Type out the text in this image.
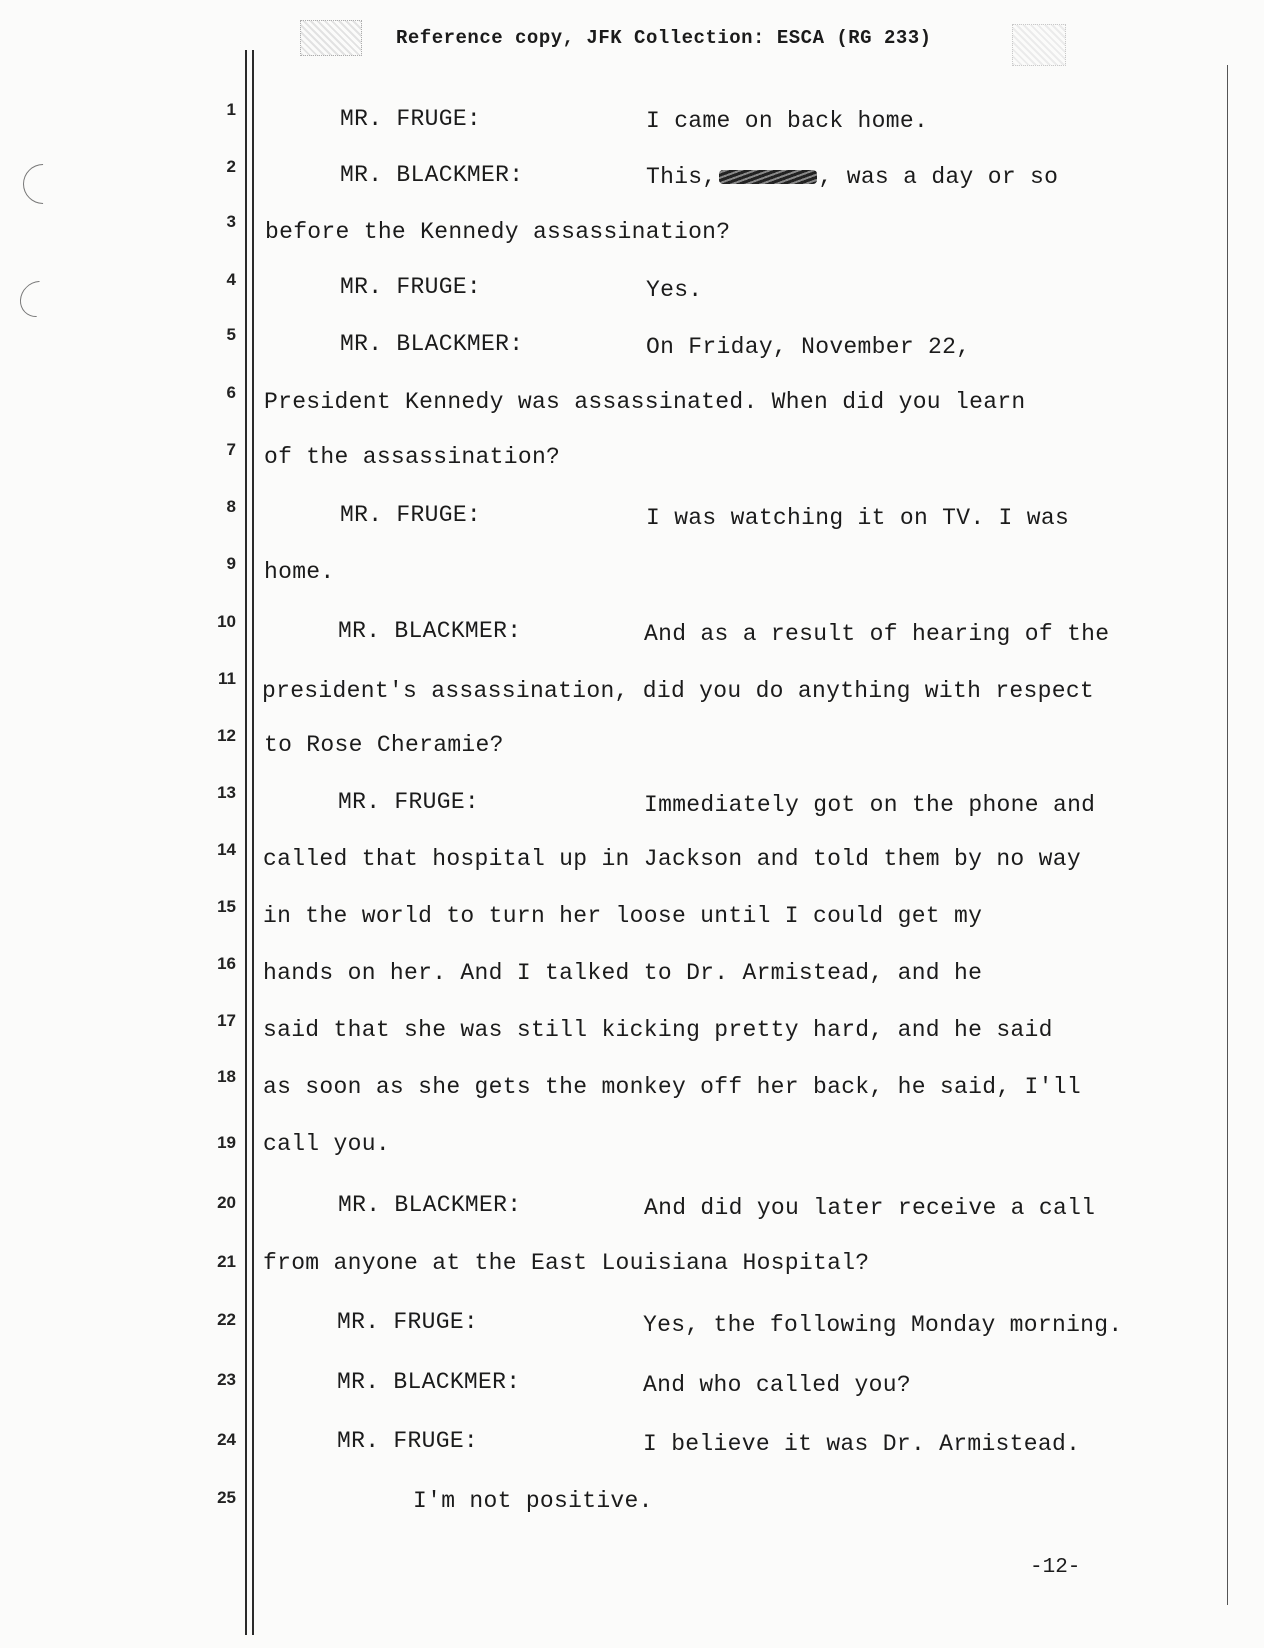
Reference copy, JFK Collection: ESCA (RG 233)
1
2
3
4
5
6
7
8
9
10
11
12
13
14
15
16
17
18
19
20
21
22
23
24
25
MR. FRUGE:
MR. BLACKMER:
MR. FRUGE:
MR. BLACKMER:
MR. FRUGE:
MR. BLACKMER:
MR. FRUGE:
MR. BLACKMER:
MR. FRUGE:
MR. BLACKMER:
MR. FRUGE:
I came on back home.
This,	, was a day or so
Yes.
On Friday, November 22,
I was watching it on TV. I was
And as a result of hearing of the
Immediately got on the phone and
And did you later receive a call
Yes, the following Monday morning.
And who called you?
I believe it was Dr. Armistead.
before the Kennedy assassination?
President Kennedy was assassinated. When did you learn
of the assassination?
home.
president's assassination, did you do anything with respect
to Rose Cheramie?
called that hospital up in Jackson and told them by no way
in the world to turn her loose until I could get my
hands on her. And I talked to Dr. Armistead, and he
said that she was still kicking pretty hard, and he said
as soon as she gets the monkey off her back, he said, I'll
call you.
from anyone at the East Louisiana Hospital?
I'm not positive.
-12-
